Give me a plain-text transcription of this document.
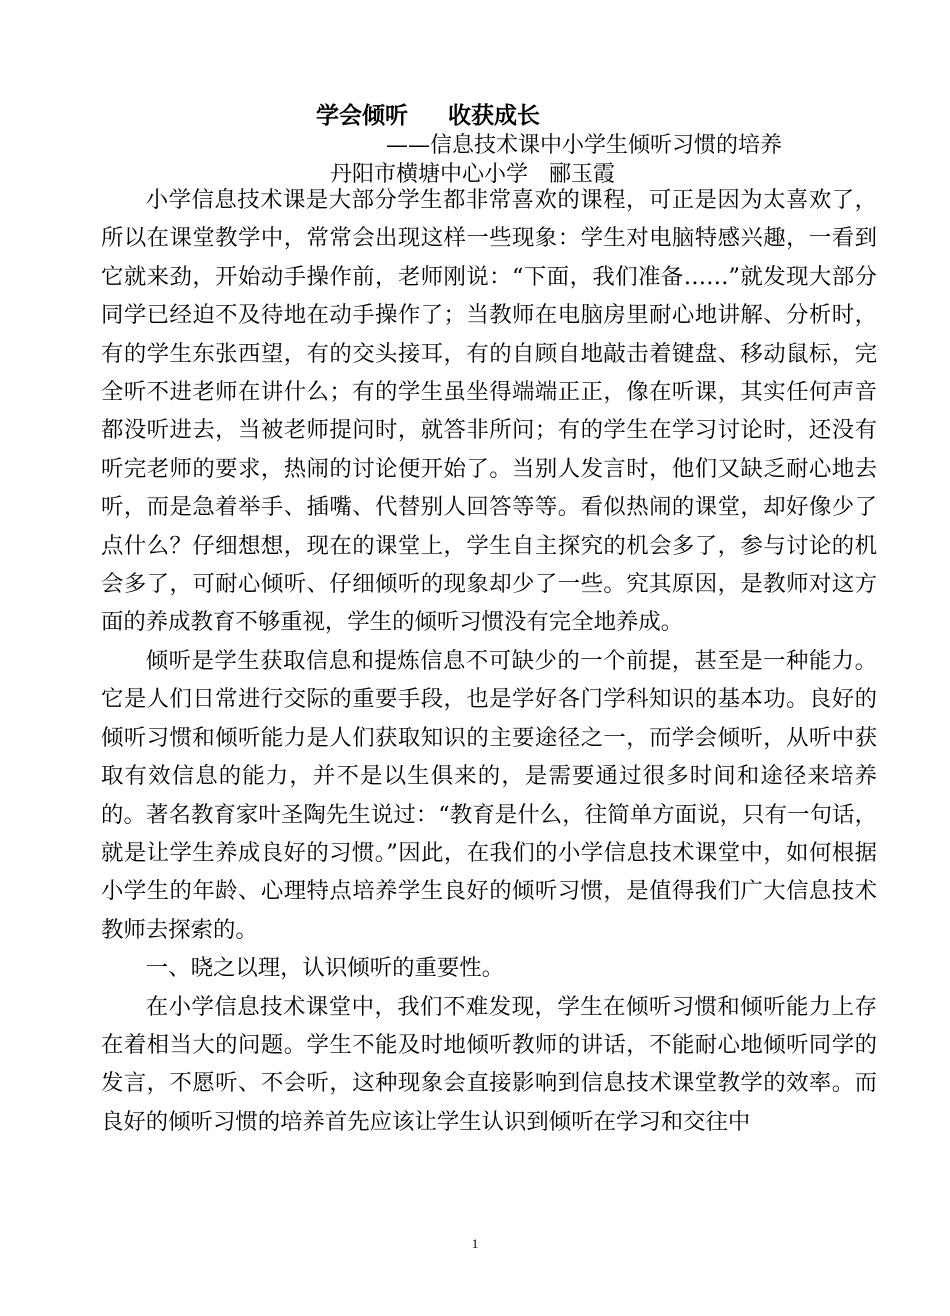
学会倾听     收获成长
——信息技术课中小学生倾听习惯的培养
丹阳市横塘中心小学   郦玉霞

小学信息技术课是大部分学生都非常喜欢的课程，可正是因为太喜欢了，所以在课堂教学中，常常会出现这样一些现象：学生对电脑特感兴趣，一看到它就来劲，开始动手操作前，老师刚说：“下面，我们准备……”就发现大部分同学已经迫不及待地在动手操作了；当教师在电脑房里耐心地讲解、分析时，有的学生东张西望，有的交头接耳，有的自顾自地敲击着键盘、移动鼠标，完全听不进老师在讲什么；有的学生虽坐得端端正正，像在听课，其实任何声音都没听进去，当被老师提问时，就答非所问；有的学生在学习讨论时，还没有听完老师的要求，热闹的讨论便开始了。当别人发言时，他们又缺乏耐心地去听，而是急着举手、插嘴、代替别人回答等等。看似热闹的课堂，却好像少了点什么？仔细想想，现在的课堂上，学生自主探究的机会多了，参与讨论的机会多了，可耐心倾听、仔细倾听的现象却少了一些。究其原因，是教师对这方面的养成教育不够重视，学生的倾听习惯没有完全地养成。

倾听是学生获取信息和提炼信息不可缺少的一个前提，甚至是一种能力。它是人们日常进行交际的重要手段，也是学好各门学科知识的基本功。良好的倾听习惯和倾听能力是人们获取知识的主要途径之一，而学会倾听，从听中获取有效信息的能力，并不是以生俱来的，是需要通过很多时间和途径来培养的。著名教育家叶圣陶先生说过：“教育是什么，往简单方面说，只有一句话，就是让学生养成良好的习惯。”因此，在我们的小学信息技术课堂中，如何根据小学生的年龄、心理特点培养学生良好的倾听习惯，是值得我们广大信息技术教师去探索的。

一、晓之以理，认识倾听的重要性。

在小学信息技术课堂中，我们不难发现，学生在倾听习惯和倾听能力上存在着相当大的问题。学生不能及时地倾听教师的讲话，不能耐心地倾听同学的发言，不愿听、不会听，这种现象会直接影响到信息技术课堂教学的效率。而良好的倾听习惯的培养首先应该让学生认识到倾听在学习和交往中

1
